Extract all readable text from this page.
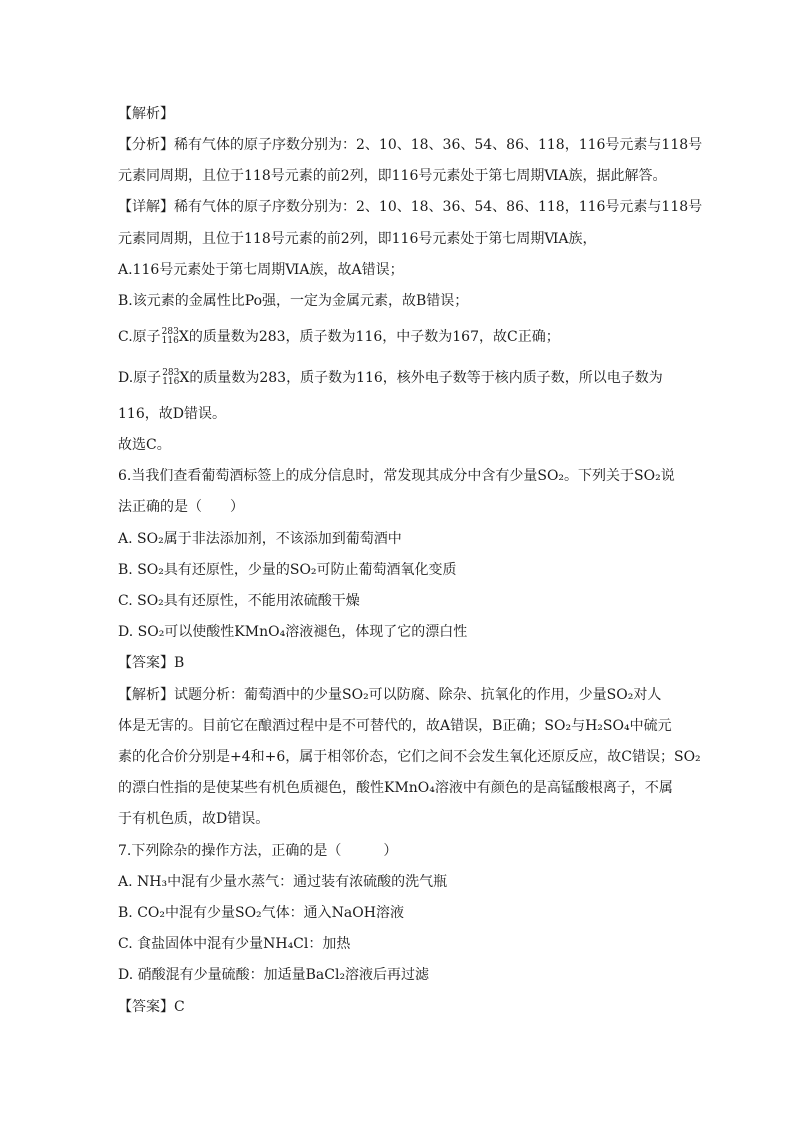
【解析】
【分析】稀有气体的原子序数分别为：2、10、18、36、54、86、118，116号元素与118号
元素同周期，且位于118号元素的前2列，即116号元素处于第七周期ⅥA族，据此解答。
【详解】稀有气体的原子序数分别为：2、10、18、36、54、86、118，116号元素与118号
元素同周期，且位于118号元素的前2列，即116号元素处于第七周期ⅥA族，
A.116号元素处于第七周期ⅥA族，故A错误；
B.该元素的金属性比Po强，一定为金属元素，故B错误；
C.原子 283
116 X的质量数为283，质子数为116，中子数为167，故C正确；
D.原子 283
116 X的质量数为283，质子数为116，核外电子数等于核内质子数，所以电子数为
116，故D错误。
故选C。
6.当我们查看葡萄酒标签上的成分信息时，常发现其成分中含有少量SO₂。下列关于SO₂说
法正确的是（　　）
A. SO₂属于非法添加剂，不该添加到葡萄酒中
B. SO₂具有还原性，少量的SO₂可防止葡萄酒氧化变质
C. SO₂具有还原性，不能用浓硫酸干燥
D. SO₂可以使酸性KMnO₄溶液褪色，体现了它的漂白性
【答案】B
【解析】试题分析：葡萄酒中的少量SO₂可以防腐、除杂、抗氧化的作用，少量SO₂对人
体是无害的。目前它在酿酒过程中是不可替代的，故A错误，B正确；SO₂与H₂SO₄中硫元
素的化合价分别是+4和+6，属于相邻价态，它们之间不会发生氧化还原反应，故C错误；SO₂
的漂白性指的是使某些有机色质褪色，酸性KMnO₄溶液中有颜色的是高锰酸根离子，不属
于有机色质，故D错误。
7.下列除杂的操作方法，正确的是（　　　）
A. NH₃中混有少量水蒸气：通过装有浓硫酸的洗气瓶
B. CO₂中混有少量SO₂气体：通入NaOH溶液
C. 食盐固体中混有少量NH₄Cl：加热
D. 硝酸混有少量硫酸：加适量BaCl₂溶液后再过滤
【答案】C
